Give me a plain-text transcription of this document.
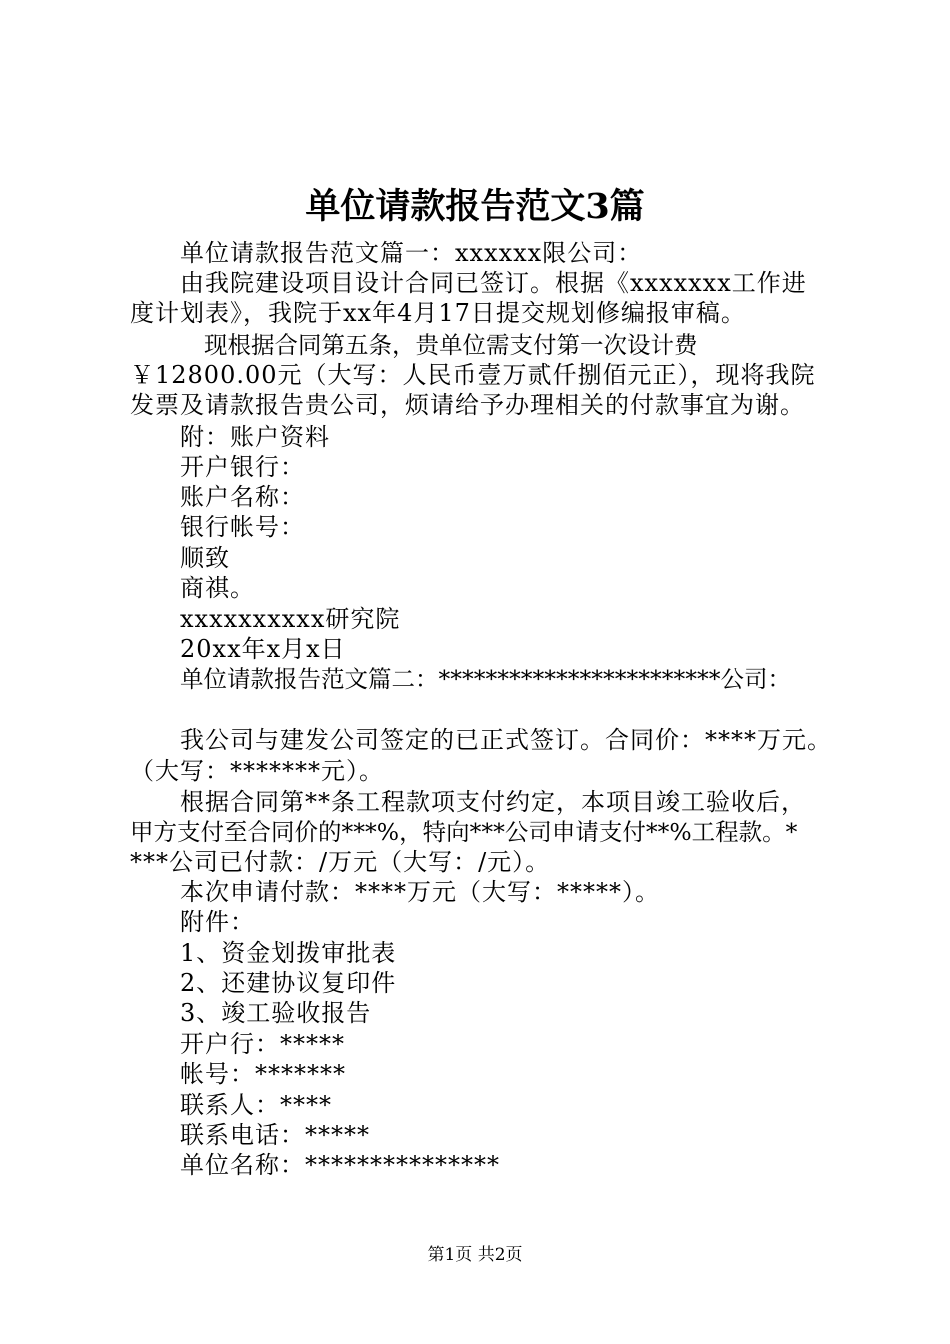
单位请款报告范文3篇
单位请款报告范文篇一：xxxxxx限公司：
由我院建设项目设计合同已签订。根据《xxxxxxx工作进
度计划表》，我院于xx年4月17日提交规划修编报审稿。
现根据合同第五条，贵单位需支付第一次设计费
￥12800.00元（大写：人民币壹万贰仟捌佰元正），现将我院
发票及请款报告贵公司，烦请给予办理相关的付款事宜为谢。
附：账户资料
开户银行：
账户名称：
银行帐号：
顺致
商祺。
xxxxxxxxxx研究院
20xx年x月x日
单位请款报告范文篇二：************************公司：
我公司与建发公司签定的已正式签订。合同价：****万元。
（大写：*******元）。
根据合同第**条工程款项支付约定，本项目竣工验收后，
甲方支付至合同价的***%，特向***公司申请支付**%工程款。*
***公司已付款：/万元（大写：/元）。
本次申请付款：****万元（大写：*****）。
附件：
1、资金划拨审批表
2、还建协议复印件
3、竣工验收报告
开户行：*****
帐号：*******
联系人：****
联系电话：*****
单位名称：***************
第1页 共2页
